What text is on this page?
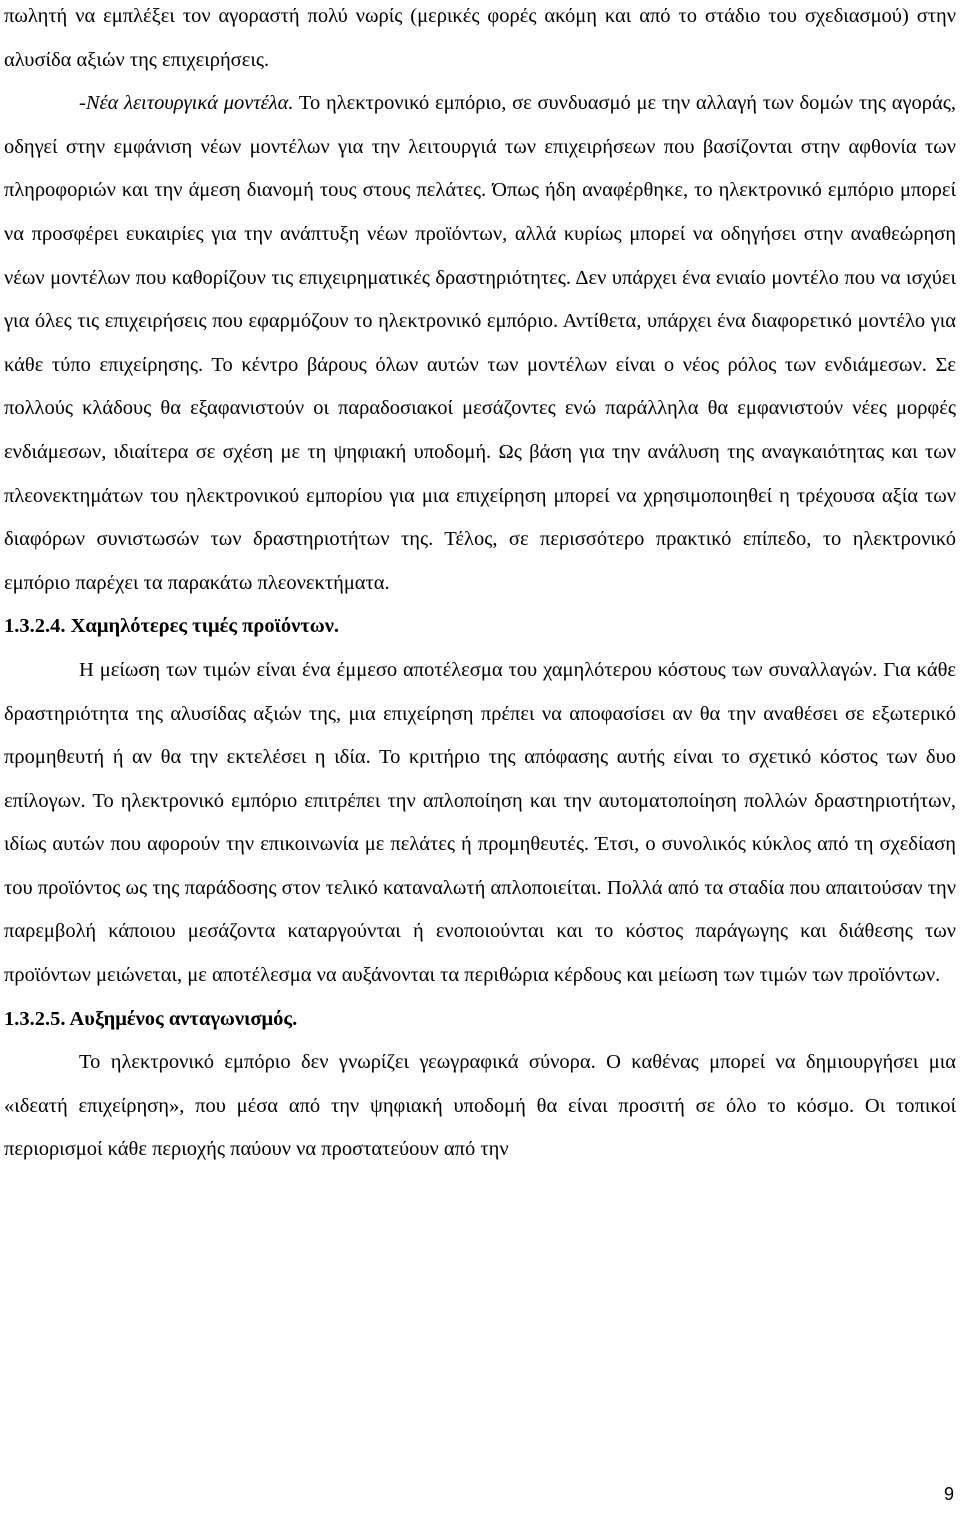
πωλητή να εμπλέξει τον αγοραστή πολύ νωρίς (μερικές φορές ακόμη και από το στάδιο του σχεδιασμού) στην αλυσίδα αξιών της επιχειρήσεις.

-Νέα λειτουργικά μοντέλα. Το ηλεκτρονικό εμπόριο, σε συνδυασμό με την αλλαγή των δομών της αγοράς, οδηγεί στην εμφάνιση νέων μοντέλων για την λειτουργιά των επιχειρήσεων που βασίζονται στην αφθονία των πληροφοριών και την άμεση διανομή τους στους πελάτες. Όπως ήδη αναφέρθηκε, το ηλεκτρονικό εμπόριο μπορεί να προσφέρει ευκαιρίες για την ανάπτυξη νέων προϊόντων, αλλά κυρίως μπορεί να οδηγήσει στην αναθεώρηση νέων μοντέλων που καθορίζουν τις επιχειρηματικές δραστηριότητες. Δεν υπάρχει ένα ενιαίο μοντέλο που να ισχύει για όλες τις επιχειρήσεις που εφαρμόζουν το ηλεκτρονικό εμπόριο. Αντίθετα, υπάρχει ένα διαφορετικό μοντέλο για κάθε τύπο επιχείρησης. Το κέντρο βάρους όλων αυτών των μοντέλων είναι ο νέος ρόλος των ενδιάμεσων. Σε πολλούς κλάδους θα εξαφανιστούν οι παραδοσιακοί μεσάζοντες ενώ παράλληλα θα εμφανιστούν νέες μορφές ενδιάμεσων, ιδιαίτερα σε σχέση με τη ψηφιακή υποδομή. Ως βάση για την ανάλυση της αναγκαιότητας και των πλεονεκτημάτων του ηλεκτρονικού εμπορίου για μια επιχείρηση μπορεί να χρησιμοποιηθεί η τρέχουσα αξία των διαφόρων συνιστωσών των δραστηριοτήτων της. Τέλος, σε περισσότερο πρακτικό επίπεδο, το ηλεκτρονικό εμπόριο παρέχει τα παρακάτω πλεονεκτήματα.

1.3.2.4. Χαμηλότερες τιμές προϊόντων.

Η μείωση των τιμών είναι ένα έμμεσο αποτέλεσμα του χαμηλότερου κόστους των συναλλαγών. Για κάθε δραστηριότητα της αλυσίδας αξιών της, μια επιχείρηση πρέπει να αποφασίσει αν θα την αναθέσει σε εξωτερικό προμηθευτή ή αν θα την εκτελέσει η ιδία. Το κριτήριο της απόφασης αυτής είναι το σχετικό κόστος των δυο επίλογων. Το ηλεκτρονικό εμπόριο επιτρέπει την απλοποίηση και την αυτοματοποίηση πολλών δραστηριοτήτων, ιδίως αυτών που αφορούν την επικοινωνία με πελάτες ή προμηθευτές. Έτσι, ο συνολικός κύκλος από τη σχεδίαση του προϊόντος ως της παράδοσης στον τελικό καταναλωτή απλοποιείται. Πολλά από τα σταδία που απαιτούσαν την παρεμβολή κάποιου μεσάζοντα καταργούνται ή ενοποιούνται και το κόστος παράγωγης και διάθεσης των προϊόντων μειώνεται, με αποτέλεσμα να αυξάνονται τα περιθώρια κέρδους και μείωση των τιμών των προϊόντων.

1.3.2.5. Αυξημένος ανταγωνισμός.

Το ηλεκτρονικό εμπόριο δεν γνωρίζει γεωγραφικά σύνορα. Ο καθένας μπορεί να δημιουργήσει μια «ιδεατή επιχείρηση», που μέσα από την ψηφιακή υποδομή θα είναι προσιτή σε όλο το κόσμο. Οι τοπικοί περιορισμοί κάθε περιοχής παύουν να προστατεύουν από την

9
